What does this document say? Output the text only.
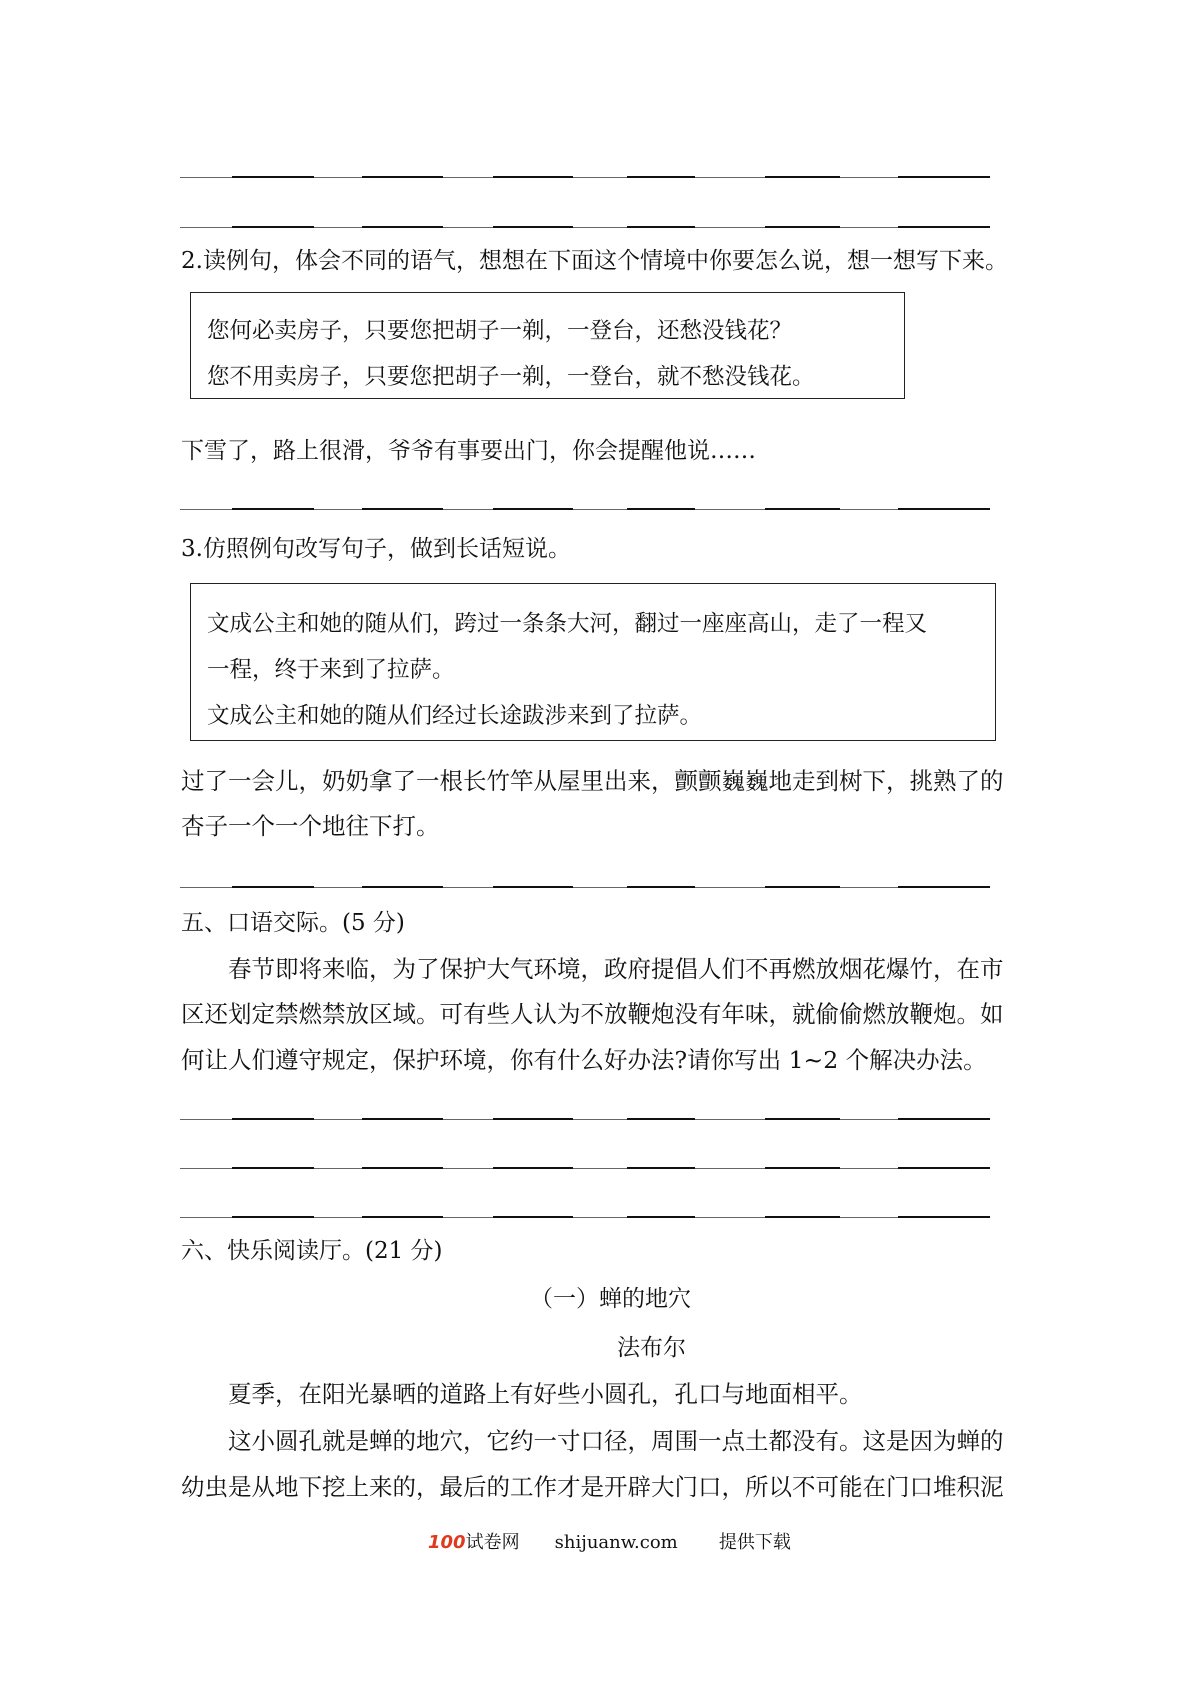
2.读例句，体会不同的语气，想想在下面这个情境中你要怎么说，想一想写下来。
您何必卖房子，只要您把胡子一剃，一登台，还愁没钱花？
您不用卖房子，只要您把胡子一剃，一登台，就不愁没钱花。
下雪了，路上很滑，爷爷有事要出门，你会提醒他说……
3.仿照例句改写句子，做到长话短说。
文成公主和她的随从们，跨过一条条大河，翻过一座座高山，走了一程又
一程，终于来到了拉萨。
文成公主和她的随从们经过长途跋涉来到了拉萨。
过了一会儿，奶奶拿了一根长竹竿从屋里出来，颤颤巍巍地走到树下，挑熟了的
杏子一个一个地往下打。
五、口语交际。(5 分)
春节即将来临，为了保护大气环境，政府提倡人们不再燃放烟花爆竹，在市
区还划定禁燃禁放区域。可有些人认为不放鞭炮没有年味，就偷偷燃放鞭炮。如
何让人们遵守规定，保护环境，你有什么好办法?请你写出 1~2 个解决办法。
六、快乐阅读厅。(21 分)
（一）蝉的地穴
法布尔
夏季，在阳光暴晒的道路上有好些小圆孔，孔口与地面相平。
这小圆孔就是蝉的地穴，它约一寸口径，周围一点土都没有。这是因为蝉的
幼虫是从地下挖上来的，最后的工作才是开辟大门口，所以不可能在门口堆积泥
100试卷网 shijuanw.com 提供下载
